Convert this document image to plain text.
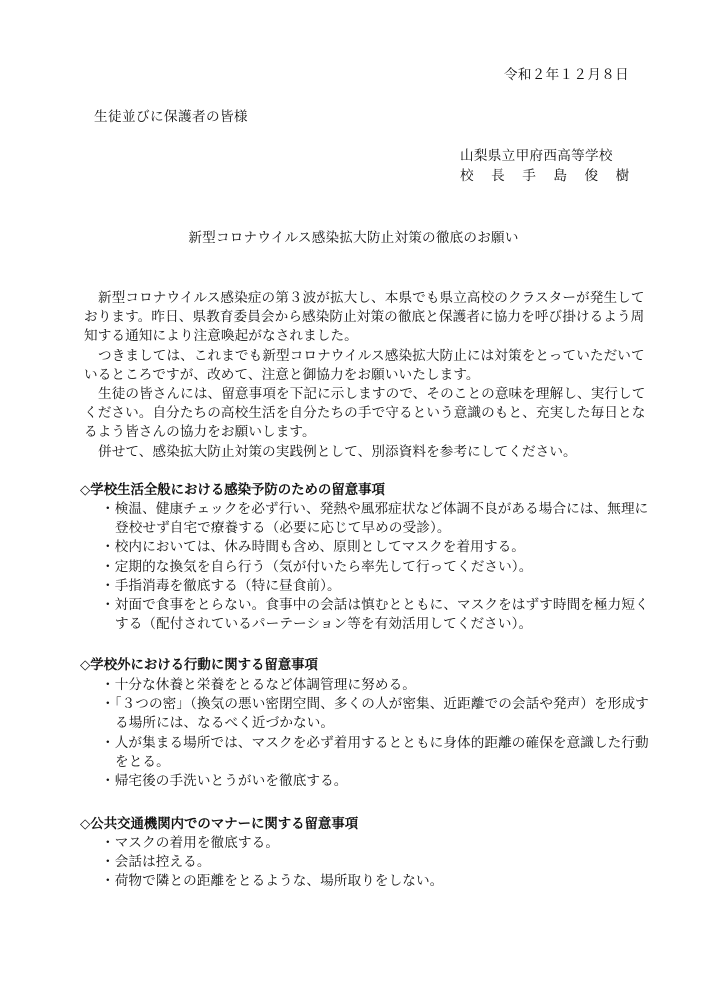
令和２年１２月８日
生徒並びに保護者の皆様
山梨県立甲府西高等学校
校 長 手 島 俊 樹
新型コロナウイルス感染拡大防止対策の徹底のお願い

新型コロナウイルス感染症の第３波が拡大し、本県でも県立高校のクラスターが発生して

おります。昨日、県教育委員会から感染防止対策の徹底と保護者に協力を呼び掛けるよう周

知する通知により注意喚起がなされました。

つきましては、これまでも新型コロナウイルス感染拡大防止には対策をとっていただいて

いるところですが、改めて、注意と御協力をお願いいたします。

生徒の皆さんには、留意事項を下記に示しますので、そのことの意味を理解し、実行して

ください。自分たちの高校生活を自分たちの手で守るという意識のもと、充実した毎日とな

るよう皆さんの協力をお願いします。

併せて、感染拡大防止対策の実践例として、別添資料を参考にしてください。

◇学校生活全般における感染予防のための留意事項

・検温、健康チェックを必ず行い、発熱や風邪症状など体調不良がある場合には、無理に

登校せず自宅で療養する（必要に応じて早めの受診）。

・校内においては、休み時間も含め、原則としてマスクを着用する。

・定期的な換気を自ら行う（気が付いたら率先して行ってください）。

・手指消毒を徹底する（特に昼食前）。

・対面で食事をとらない。食事中の会話は慎むとともに、マスクをはずす時間を極力短く

する（配付されているパーテーション等を有効活用してください）。

◇学校外における行動に関する留意事項

・十分な休養と栄養をとるなど体調管理に努める。

・「３つの密」（換気の悪い密閉空間、多くの人が密集、近距離での会話や発声）を形成す

る場所には、なるべく近づかない。

・人が集まる場所では、マスクを必ず着用するとともに身体的距離の確保を意識した行動

をとる。

・帰宅後の手洗いとうがいを徹底する。

◇公共交通機関内でのマナーに関する留意事項

・マスクの着用を徹底する。

・会話は控える。

・荷物で隣との距離をとるような、場所取りをしない。
